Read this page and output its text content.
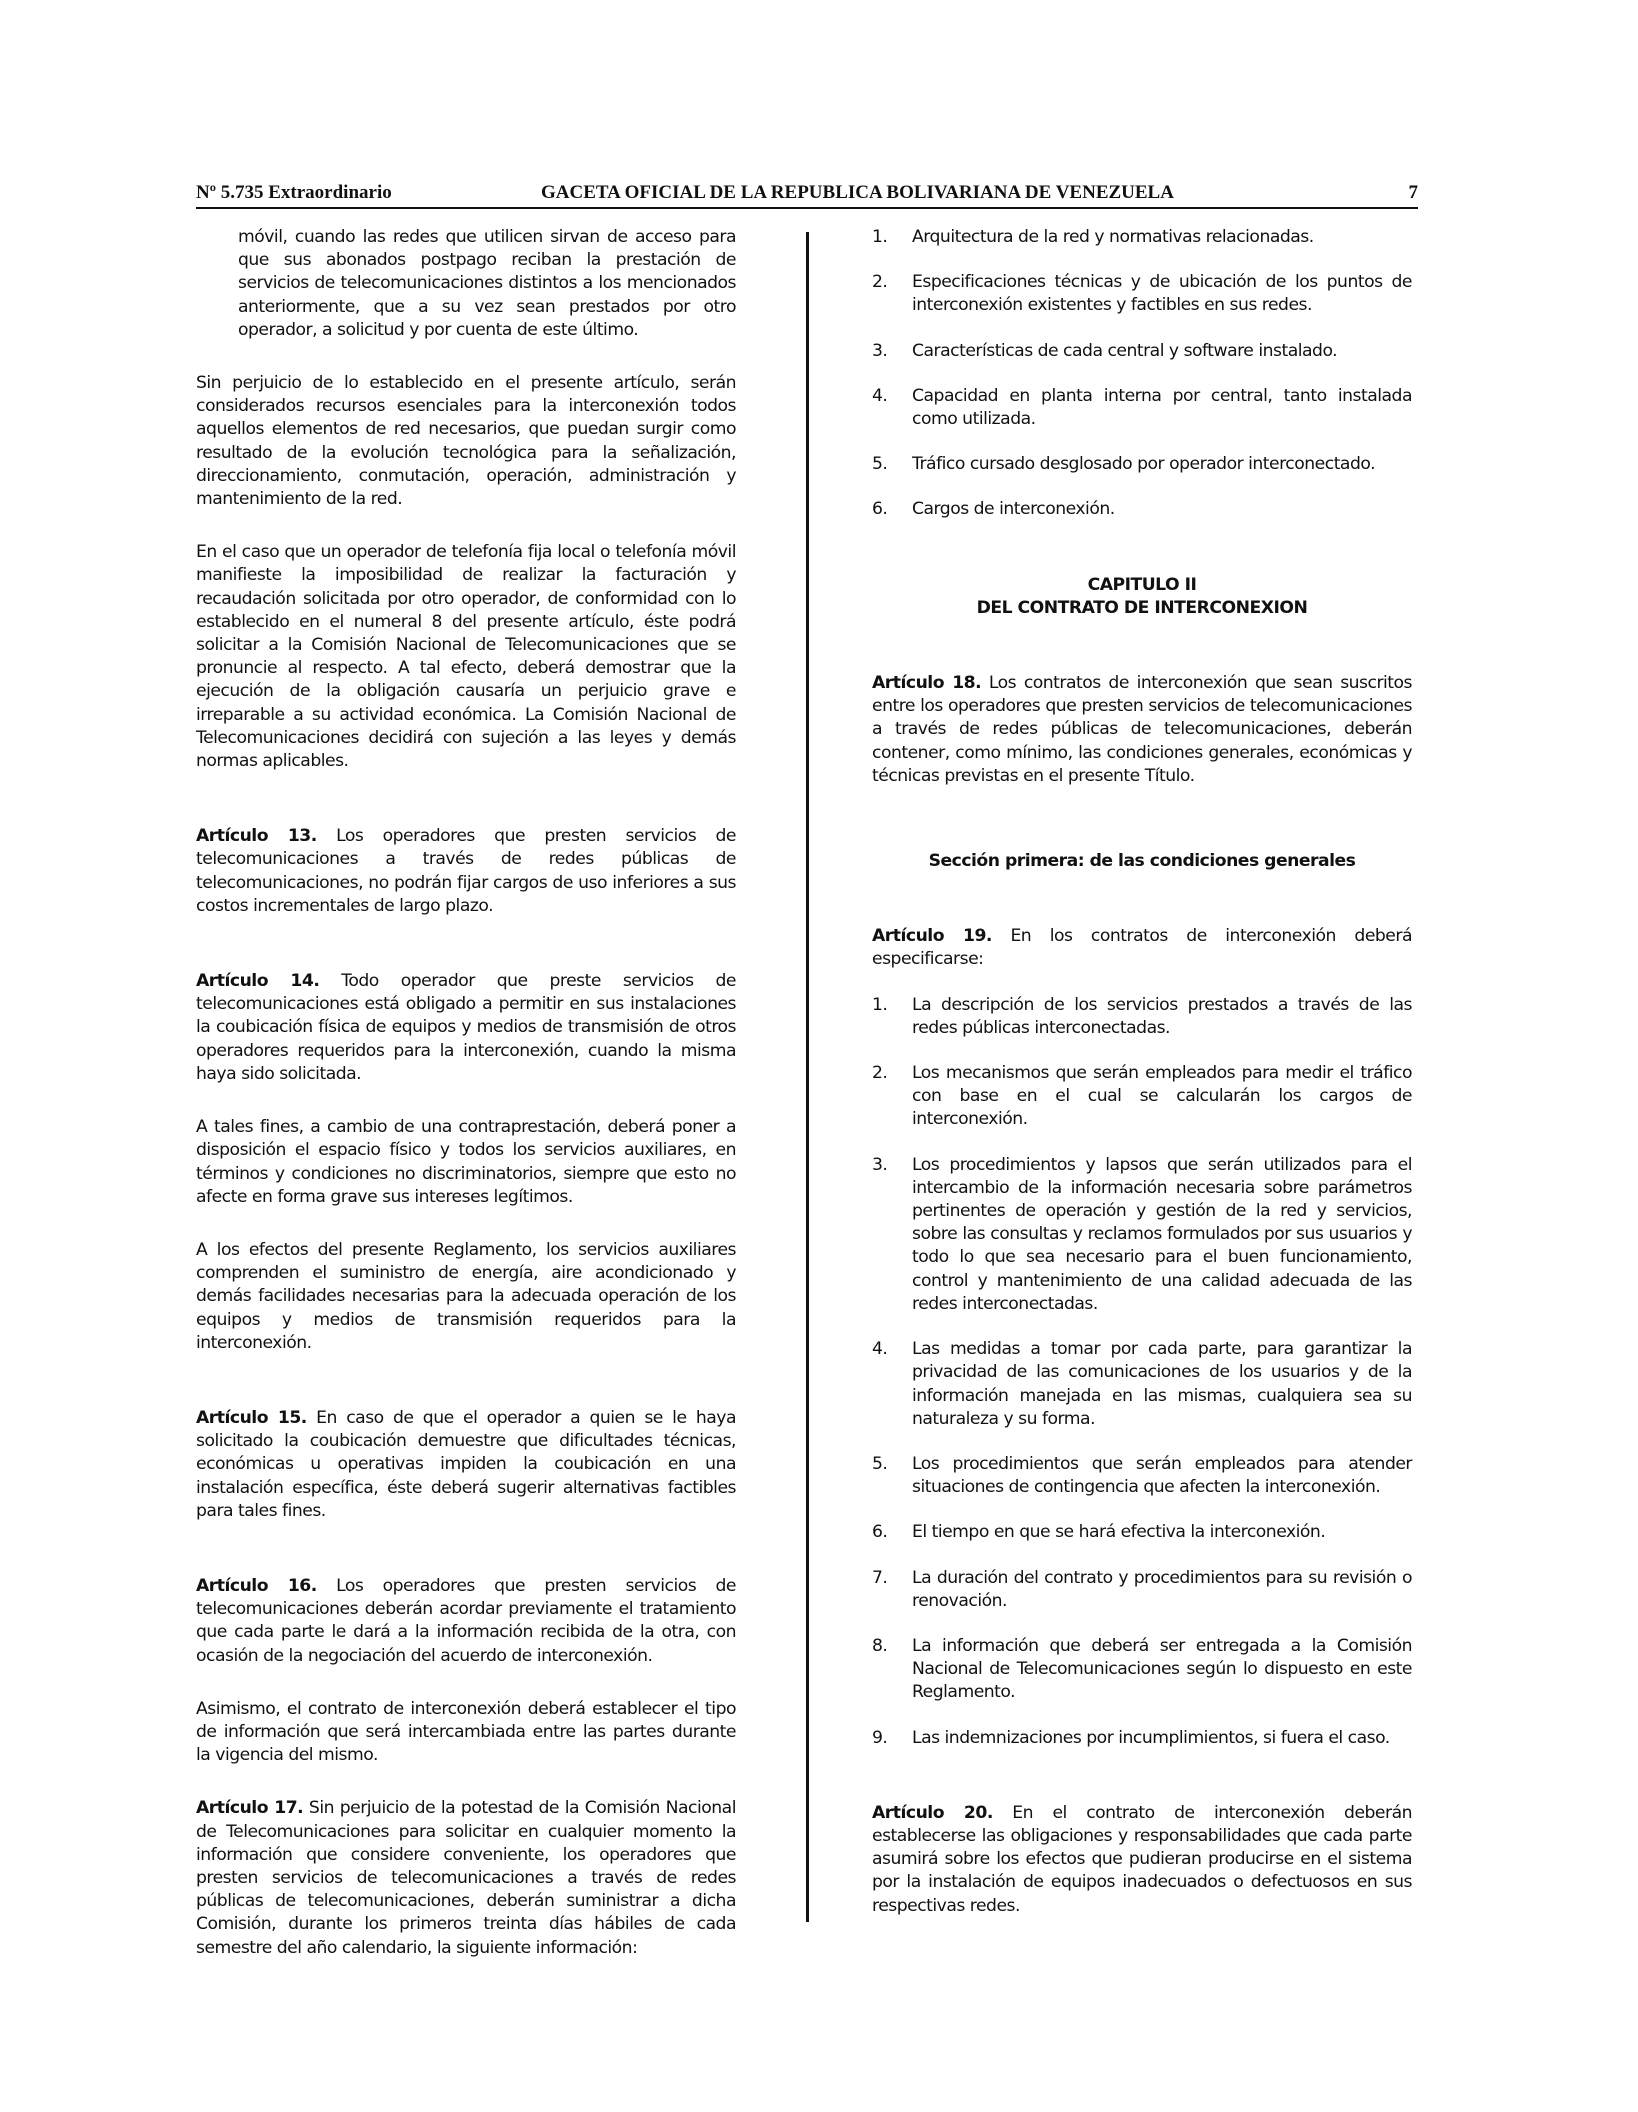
Nº 5.735 Extraordinario	GACETA OFICIAL DE LA REPUBLICA BOLIVARIANA DE VENEZUELA	7

móvil, cuando las redes que utilicen sirvan de acceso para que sus abonados postpago reciban la prestación de servicios de telecomunicaciones distintos a los mencionados anteriormente, que a su vez sean prestados por otro operador, a solicitud y por cuenta de este último.

Sin perjuicio de lo establecido en el presente artículo, serán considerados recursos esenciales para la interconexión todos aquellos elementos de red necesarios, que puedan surgir como resultado de la evolución tecnológica para la señalización, direccionamiento, conmutación, operación, administración y mantenimiento de la red.

En el caso que un operador de telefonía fija local o telefonía móvil manifieste la imposibilidad de realizar la facturación y recaudación solicitada por otro operador, de conformidad con lo establecido en el numeral 8 del presente artículo, éste podrá solicitar a la Comisión Nacional de Telecomunicaciones que se pronuncie al respecto. A tal efecto, deberá demostrar que la ejecución de la obligación causaría un perjuicio grave e irreparable a su actividad económica. La Comisión Nacional de Telecomunicaciones decidirá con sujeción a las leyes y demás normas aplicables.

Artículo 13. Los operadores que presten servicios de telecomunicaciones a través de redes públicas de telecomunicaciones, no podrán fijar cargos de uso inferiores a sus costos incrementales de largo plazo.

Artículo 14. Todo operador que preste servicios de telecomunicaciones está obligado a permitir en sus instalaciones la coubicación física de equipos y medios de transmisión de otros operadores requeridos para la interconexión, cuando la misma haya sido solicitada.

A tales fines, a cambio de una contraprestación, deberá poner a disposición el espacio físico y todos los servicios auxiliares, en términos y condiciones no discriminatorios, siempre que esto no afecte en forma grave sus intereses legítimos.

A los efectos del presente Reglamento, los servicios auxiliares comprenden el suministro de energía, aire acondicionado y demás facilidades necesarias para la adecuada operación de los equipos y medios de transmisión requeridos para la interconexión.

Artículo 15. En caso de que el operador a quien se le haya solicitado la coubicación demuestre que dificultades técnicas, económicas u operativas impiden la coubicación en una instalación específica, éste deberá sugerir alternativas factibles para tales fines.

Artículo 16. Los operadores que presten servicios de telecomunicaciones deberán acordar previamente el tratamiento que cada parte le dará a la información recibida de la otra, con ocasión de la negociación del acuerdo de interconexión.

Asimismo, el contrato de interconexión deberá establecer el tipo de información que será intercambiada entre las partes durante la vigencia del mismo.

Artículo 17. Sin perjuicio de la potestad de la Comisión Nacional de Telecomunicaciones para solicitar en cualquier momento la información que considere conveniente, los operadores que presten servicios de telecomunicaciones a través de redes públicas de telecomunicaciones, deberán suministrar a dicha Comisión, durante los primeros treinta días hábiles de cada semestre del año calendario, la siguiente información:

1.	Arquitectura de la red y normativas relacionadas.
2.	Especificaciones técnicas y de ubicación de los puntos de interconexión existentes y factibles en sus redes.
3.	Características de cada central y software instalado.
4.	Capacidad en planta interna por central, tanto instalada como utilizada.
5.	Tráfico cursado desglosado por operador interconectado.
6.	Cargos de interconexión.

CAPITULO II
DEL CONTRATO DE INTERCONEXION

Artículo 18. Los contratos de interconexión que sean suscritos entre los operadores que presten servicios de telecomunicaciones a través de redes públicas de telecomunicaciones, deberán contener, como mínimo, las condiciones generales, económicas y técnicas previstas en el presente Título.

Sección primera: de las condiciones generales

Artículo 19. En los contratos de interconexión deberá especificarse:

1.	La descripción de los servicios prestados a través de las redes públicas interconectadas.
2.	Los mecanismos que serán empleados para medir el tráfico con base en el cual se calcularán los cargos de interconexión.
3.	Los procedimientos y lapsos que serán utilizados para el intercambio de la información necesaria sobre parámetros pertinentes de operación y gestión de la red y servicios, sobre las consultas y reclamos formulados por sus usuarios y todo lo que sea necesario para el buen funcionamiento, control y mantenimiento de una calidad adecuada de las redes interconectadas.
4.	Las medidas a tomar por cada parte, para garantizar la privacidad de las comunicaciones de los usuarios y de la información manejada en las mismas, cualquiera sea su naturaleza y su forma.
5.	Los procedimientos que serán empleados para atender situaciones de contingencia que afecten la interconexión.
6.	El tiempo en que se hará efectiva la interconexión.
7.	La duración del contrato y procedimientos para su revisión o renovación.
8.	La información que deberá ser entregada a la Comisión Nacional de Telecomunicaciones según lo dispuesto en este Reglamento.
9.	Las indemnizaciones por incumplimientos, si fuera el caso.

Artículo 20. En el contrato de interconexión deberán establecerse las obligaciones y responsabilidades que cada parte asumirá sobre los efectos que pudieran producirse en el sistema por la instalación de equipos inadecuados o defectuosos en sus respectivas redes.
